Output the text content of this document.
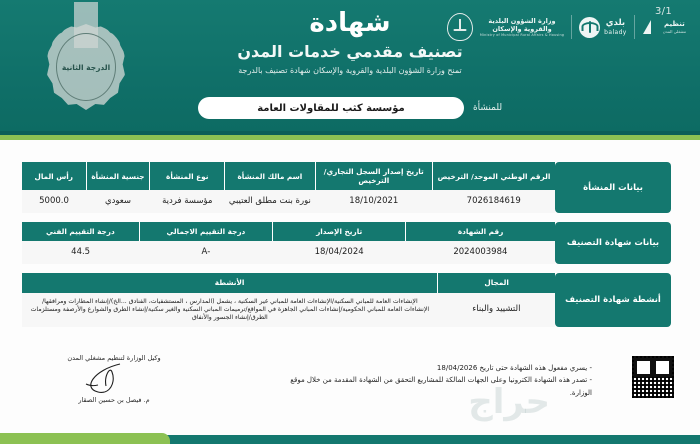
3/1
الدرجة الثانية
تنظيم
مشغلي المدن
بلدي
balady
وزارة الشؤون البلدية
والقروية والإسكان
Ministry of Municipal Rural Affairs & Housing
شهادة
تصنيف مقدمي خدمات المدن
تمنح وزارة الشؤون البلدية والقروية والإسكان شهادة تصنيف بالدرجة
للمنشأة
مؤسسة كثب للمقاولات العامة
بيانات المنشأة
الرقم الوطني الموحد/ الترخيص	تاريخ إصدار السجل التجاري/ الترخيص	اسم مالك المنشأة	نوع المنشأة	جنسية المنشأة	رأس المال
7026184619	18/10/2021	نورة بنت مطلق العتيبي	مؤسسة فردية	سعودي	5000.0
بيانات شهادة التصنيف
رقم الشهادة	تاريخ الإصدار	درجة التقييم الاجمالي	درجة التقييم الفني
2024003984	18/04/2024	-A	44.5
أنشطة شهادة التصنيف
المجال	الأنشطة
التشييد والبناء	الإنشاءات العامة للمباني السكنية/الإنشاءات العامة للمباني غير السكنية ، يشمل (المدارس ، المستشفيات، الفنادق ...الخ)/إنشاء المطارات ومرافقها/الإنشاءات العامة للمباني الحكومية/إنشاءات المباني الجاهزة في المواقع/ترميمات المباني السكنية والغير سكنية/إنشاء الطرق والشوارع والأرصفة ومستلزمات الطرق/إنشاء الجسور والأنفاق
حراج
وكيل الوزارة لتنظيم مشغلي المدن
م. فيصل بن حسين الصقار
- يسري مفعول هذه الشهادة حتى تاريخ 18/04/2026
- تصدر هذه الشهادة الكترونيا وعلى الجهات المالكة للمشاريع التحقق من الشهادة المقدمة من خلال موقع الوزارة.
